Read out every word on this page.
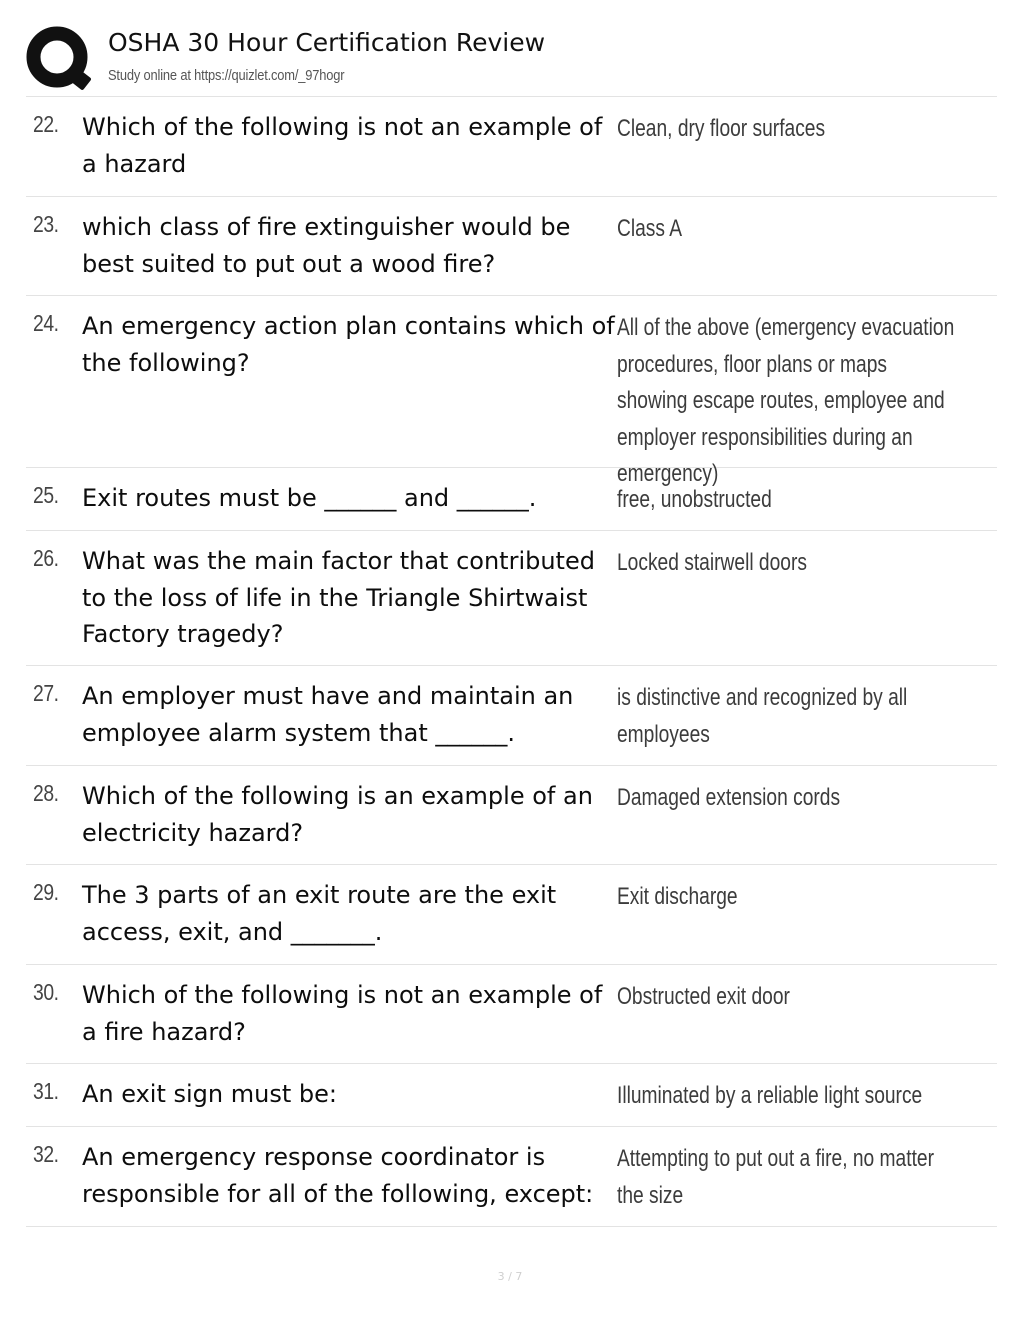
OSHA 30 Hour Certification Review
Study online at https://quizlet.com/_97hogr
22. Which of the following is not an example of a hazard
Clean, dry floor surfaces
23. which class of fire extinguisher would be best suited to put out a wood fire?
Class A
24. An emergency action plan contains which of the following?
All of the above (emergency evacuation procedures, floor plans or maps showing escape routes, employee and employer responsibilities during an emergency)
25. Exit routes must be ______ and ______.	free, unobstructed
26. What was the main factor that contributed to the loss of life in the Triangle Shirtwaist Factory tragedy?
Locked stairwell doors
27. An employer must have and maintain an employee alarm system that ______.
is distinctive and recognized by all employees
28. Which of the following is an example of an electricity hazard?
Damaged extension cords
29. The 3 parts of an exit route are the exit access, exit, and _______.
Exit discharge
30. Which of the following is not an example of a fire hazard?
Obstructed exit door
31. An exit sign must be:	Illuminated by a reliable light source
32. An emergency response coordinator is responsible for all of the following, except:
Attempting to put out a fire, no matter the size
3 / 7
